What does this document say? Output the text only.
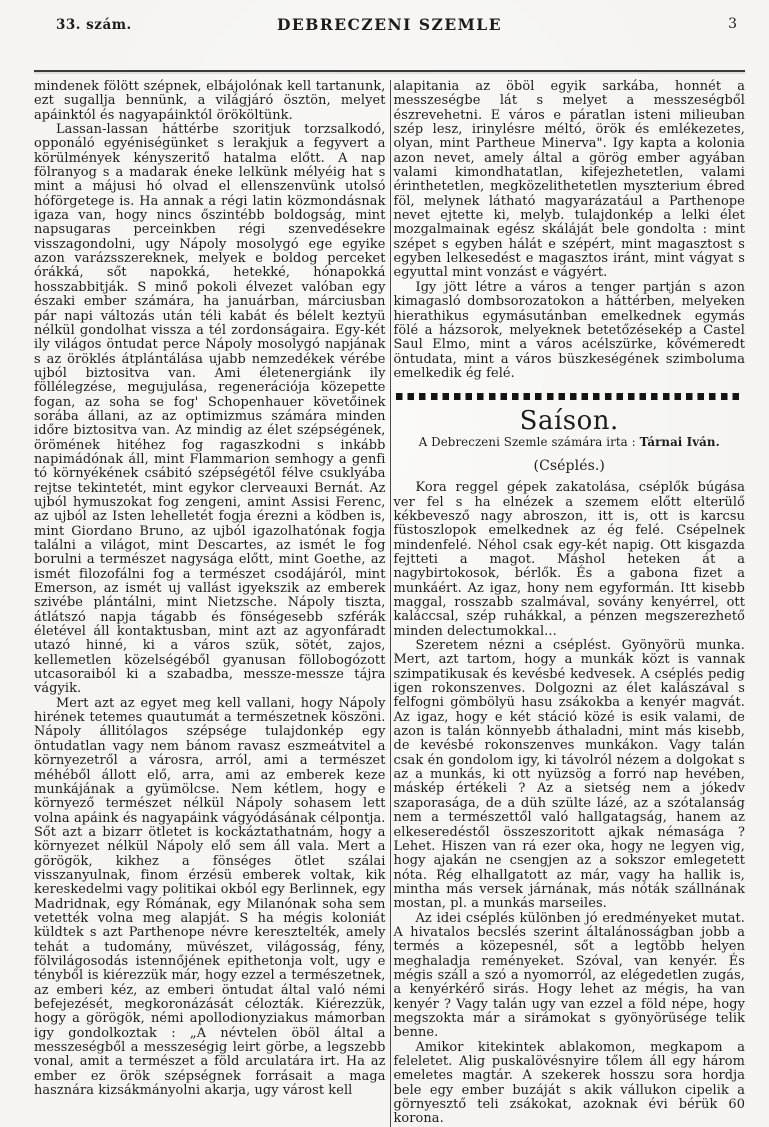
33. szám.	DEBRECZENI SZEMLE	3

mindenek fölött szépnek, elbájolónak kell tartanunk, ezt sugallja bennünk, a világjáró ösztön, melyet apáinktól és nagyapáinktól örököltünk.

Lassan-lassan háttérbe szoritjuk torzsalkodó, opponáló egyéniségünket s lerakjuk a fegyvert a körülmények kényszeritő hatalma előtt. A nap fölranyog s a madarak éneke lelkünk mélyéig hat s mint a májusi hó olvad el ellenszenvünk utolsó hóförgetege is. Ha annak a régi latin közmondásnak igaza van, hogy nincs őszintébb boldogság, mint napsugaras perceinkben régi szenvedésekre visszagondolni, ugy Nápoly mosolygó ege egyike azon varázsszereknek, melyek e boldog perceket órákká, sőt napokká, hetekké, hónapokká hosszabbitják. S minő pokoli élvezet valóban egy északi ember számára, ha januárban, márciusban pár napi változás után téli kabát és bélelt keztyü nélkül gondolhat vissza a tél zordonságaira. Egy-két ily világos öntudat perce Nápoly mosolygó napjának s az öröklés átplántálása ujabb nemzedékek vérébe ujból biztositva van. Ami életenergiánk ily föllélegzése, megujulása, regenerációja közepette fogan, az soha se fog' Schopenhauer követőinek sorába állani, az az optimizmus számára minden időre biztositva van. Az mindig az élet szépségének, örömének hitéhez fog ragaszkodni s inkább napimádónak áll, mint Flammarion semhogy a genfi tó környékének csábitó szépségétől félve csuklyába rejtse tekintetét, mint egykor clerveauxi Bernát. Az ujból hymuszokat fog zengeni, amint Assisi Ferenc, az ujból az Isten lehelletét fogja érezni a ködben is, mint Giordano Bruno, az ujból igazolhatónak fogja találni a világot, mint Descartes, az ismét le fog borulni a természet nagysága előtt, mint Goethe, az ismét filozofálni fog a természet csodájáról, mint Emerson, az ismét uj vallást igyekszik az emberek szivébe plántálni, mint Nietzsche. Nápoly tiszta, átlátszó napja tágabb és fönségesebb szférák életével áll kontaktusban, mint azt az agyonfáradt utazó hinné, ki a város szük, sötét, zajos, kellemetlen közelségéből gyanusan föllobogózott utcasoraiból ki a szabadba, messze-messze tájra vágyik.

Mert azt az egyet meg kell vallani, hogy Nápoly hirének tetemes quautumát a természetnek köszöni. Nápoly állitólagos szépsége tulajdonkép egy öntudatlan vagy nem bánom ravasz eszmeátvitel a környezetről a városra, arról, ami a természet méhéből állott elő, arra, ami az emberek keze munkájának a gyümölcse. Nem kétlem, hogy e környező természet nélkül Nápoly sohasem lett volna apáink és nagyapáink vágyódásának célpontja. Sőt azt a bizarr ötletet is kockáztathatnám, hogy a környezet nélkül Nápoly elő sem áll vala. Mert a görögök, kikhez a fönséges ötlet szálai visszanyulnak, finom érzésü emberek voltak, kik kereskedelmi vagy politikai okból egy Berlinnek, egy Madridnak, egy Rómának, egy Milanónak soha sem vetették volna meg alapját. S ha mégis koloniát küldtek s azt Parthenope névre keresztelték, amely tehát a tudomány, müvészet, világosság, fény, fölvilágosodás istennőjének epithetonja volt, ugy e tényből is kiérezzük már, hogy ezzel a természetnek, az emberi kéz, az emberi öntudat által való némi befejezését, megkoronázását célozták. Kiérezzük, hogy a görögök, némi apollodionyziakus mámorban igy gondolkoztak : „A névtelen öböl által a messzeségből a messzeségig leirt görbe, a legszebb vonal, amit a természet a föld arculatára irt. Ha az ember ez örök szépségnek forrásait a maga hasznára kizsákmányolni akarja, ugy várost kell

alapitania az öböl egyik sarkába, honnét a messzeségbe lát s melyet a messzeségből észrevehetni. E város e páratlan isteni milieuban szép lesz, irinylésre méltó, örök és emlékezetes, olyan, mint Partheue Minerva". Igy kapta a kolonia azon nevet, amely által a görög ember agyában valami kimondhatatlan, kifejezhetetlen, valami érinthetetlen, megközelithetetlen myszterium ébred föl, melynek látható magyarázatául a Parthenope nevet ejtette ki, melyb. tulajdonkép a lelki élet mozgalmainak egész skáláját bele gondolta : mint szépet s egyben hálát e szépért, mint magasztost s egyben lelkesedést e magasztos iránt, mint vágyat s egyuttal mint vonzást e vágyért.

Igy jött létre a város a tenger partján s azon kimagasló dombsorozatokon a háttérben, melyeken hierathikus egymásutánban emelkednek egymás fölé a házsorok, melyeknek betetőzésekép a Castel Saul Elmo, mint a város acélszürke, kővémeredt öntudata, mint a város büszkeségének szimboluma emelkedik ég felé.

Saíson.

A Debreczeni Szemle számára irta : Tárnai Iván.

(Cséplés.)

Kora reggel gépek zakatolása, cséplők búgása ver fel s ha elnézek a szemem előtt elterülő kékbevesző nagy abroszon, itt is, ott is karcsu füstoszlopok emelkednek az ég felé. Csépelnek mindenfelé. Néhol csak egy-két napig. Ott kisgazda fejtteti a magot. Máshol heteken át a nagybirtokosok, bérlők. És a gabona fizet a munkáért. Az igaz, hony nem egyformán. Itt kisebb maggal, rosszabb szalmával, sovány kenyérrel, ott kaláccsal, szép ruhákkal, a pénzen megszerezhető minden delectumokkal...

Szeretem nézni a cséplést. Gyönyörü munka. Mert, azt tartom, hogy a munkák közt is vannak szimpatikusak és kevésbé kedvesek. A cséplés pedig igen rokonszenves. Dolgozni az élet kalászával s felfogni gömbölyü hasu zsákokba a kenyér magvát. Az igaz, hogy e két stáció közé is esik valami, de azon is talán könnyebb áthaladni, mint más kisebb, de kevésbé rokonszenves munkákon. Vagy talán csak én gondolom igy, ki távolról nézem a dolgokat s az a munkás, ki ott nyüzsög a forró nap hevében, máskép értékeli ? Az a sietség nem a jókedv szaporasága, de a düh szülte lázé, az a szótalanság nem a természettől való hallgatagság, hanem az elkeseredéstől összeszoritott ajkak némasága ? Lehet. Hiszen van rá ezer oka, hogy ne legyen vig, hogy ajakán ne csengjen az a sokszor emlegetett nóta. Rég elhallgatott az már, vagy ha hallik is, mintha más versek járnának, más nóták szállnának mostan, pl. a munkás marseiles.

Az idei cséplés különben jó eredményeket mutat. A hivatalos becslés szerint általánosságban jobb a termés a közepesnél, sőt a legtöbb helyen meghaladja reményeket. Szóval, van kenyér. És mégis száll a szó a nyomorról, az elégedetlen zugás, a kenyérkérő sirás. Hogy lehet az mégis, ha van kenyér ? Vagy talán ugy van ezzel a föld népe, hogy megszokta már a sirámokat s gyönyörüsége telik benne.

Amikor kitekintek ablakomon, megkapom a feleletet. Alig puskalövésnyire tőlem áll egy három emeletes magtár. A szekerek hosszu sora hordja bele egy ember buzáját s akik vállukon cipelik a görnyesztő teli zsákokat, azoknak évi bérük 60 korona.
